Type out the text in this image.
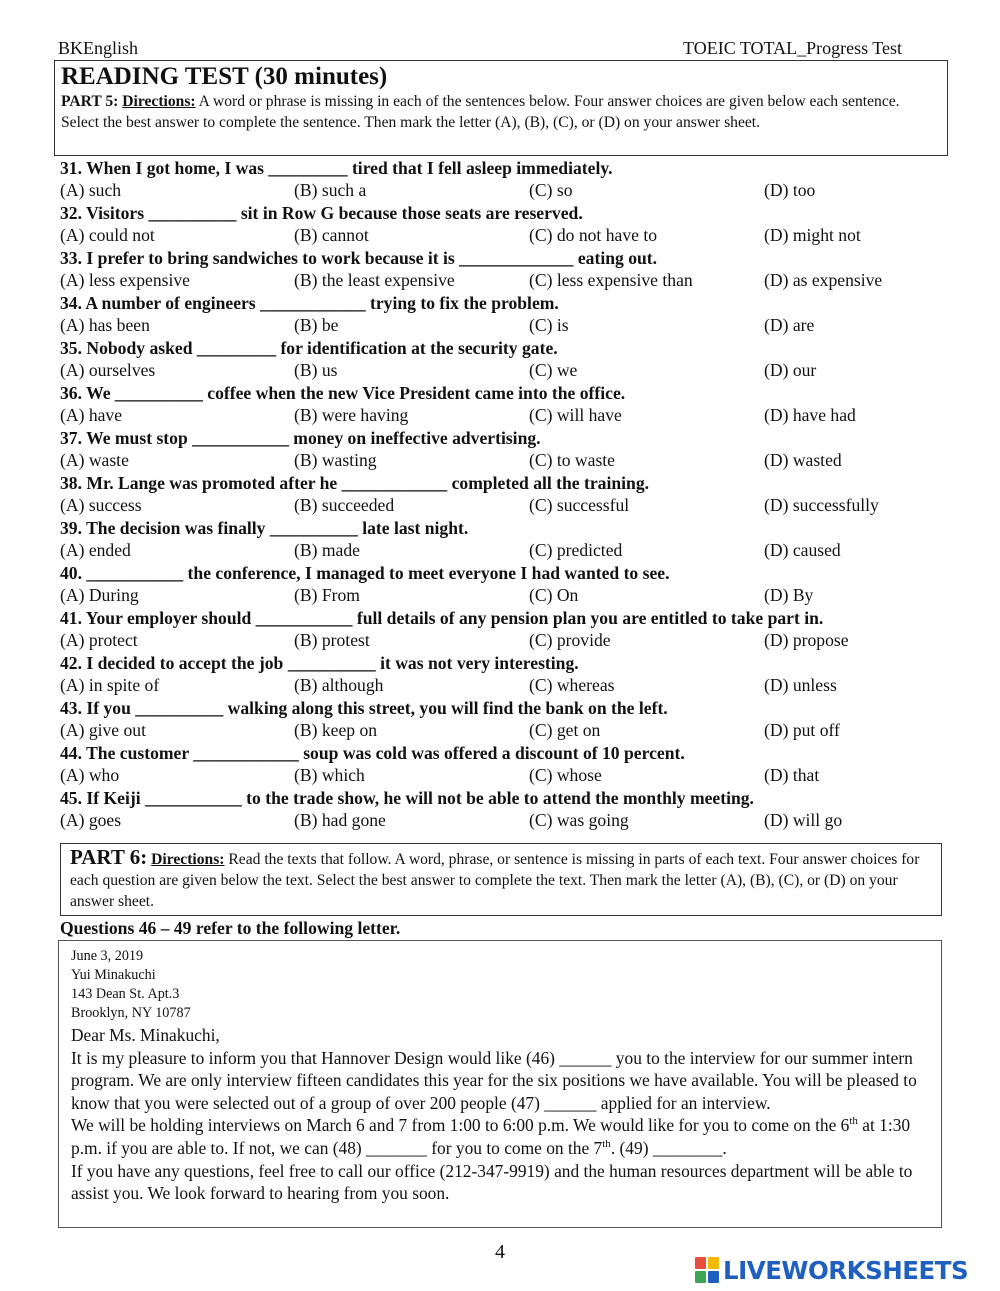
BKEnglish	TOEIC TOTAL_Progress Test
READING TEST (30 minutes)
PART 5: Directions: A word or phrase is missing in each of the sentences below. Four answer choices are given below each sentence. Select the best answer to complete the sentence. Then mark the letter (A), (B), (C), or (D) on your answer sheet.
31. When I got home, I was _________ tired that I fell asleep immediately.
(A) such	(B) such a	(C) so	(D) too
32. Visitors __________ sit in Row G because those seats are reserved.
(A) could not	(B) cannot	(C) do not have to	(D) might not
33. I prefer to bring sandwiches to work because it is _____________ eating out.
(A) less expensive	(B) the least expensive	(C) less expensive than	(D) as expensive
34. A number of engineers ____________ trying to fix the problem.
(A) has been	(B) be	(C) is	(D) are
35. Nobody asked _________ for identification at the security gate.
(A) ourselves	(B) us	(C) we	(D) our
36. We __________ coffee when the new Vice President came into the office.
(A) have	(B) were having	(C) will have	(D) have had
37. We must stop ___________ money on ineffective advertising.
(A) waste	(B) wasting	(C) to waste	(D) wasted
38. Mr. Lange was promoted after he ____________ completed all the training.
(A) success	(B) succeeded	(C) successful	(D) successfully
39. The decision was finally __________ late last night.
(A) ended	(B) made	(C) predicted	(D) caused
40. ___________ the conference, I managed to meet everyone I had wanted to see.
(A) During	(B) From	(C) On	(D) By
41. Your employer should ___________ full details of any pension plan you are entitled to take part in.
(A) protect	(B) protest	(C) provide	(D) propose
42. I decided to accept the job __________ it was not very interesting.
(A) in spite of	(B) although	(C) whereas	(D) unless
43. If you __________ walking along this street, you will find the bank on the left.
(A) give out	(B) keep on	(C) get on	(D) put off
44. The customer ____________ soup was cold was offered a discount of 10 percent.
(A) who	(B) which	(C) whose	(D) that
45. If Keiji ___________ to the trade show, he will not be able to attend the monthly meeting.
(A) goes	(B) had gone	(C) was going	(D) will go
PART 6: Directions: Read the texts that follow. A word, phrase, or sentence is missing in parts of each text. Four answer choices for each question are given below the text. Select the best answer to complete the text. Then mark the letter (A), (B), (C), or (D) on your answer sheet.
Questions 46 – 49 refer to the following letter.
June 3, 2019
Yui Minakuchi
143 Dean St. Apt.3
Brooklyn, NY 10787
Dear Ms. Minakuchi,
It is my pleasure to inform you that Hannover Design would like (46) ______ you to the interview for our summer intern program. We are only interview fifteen candidates this year for the six positions we have available. You will be pleased to know that you were selected out of a group of over 200 people (47) ______ applied for an interview.
We will be holding interviews on March 6 and 7 from 1:00 to 6:00 p.m. We would like for you to come on the 6th at 1:30 p.m. if you are able to. If not, we can (48) _______ for you to come on the 7th. (49) ________.
If you have any questions, feel free to call our office (212-347-9919) and the human resources department will be able to assist you. We look forward to hearing from you soon.
4
LIVEWORKSHEETS
